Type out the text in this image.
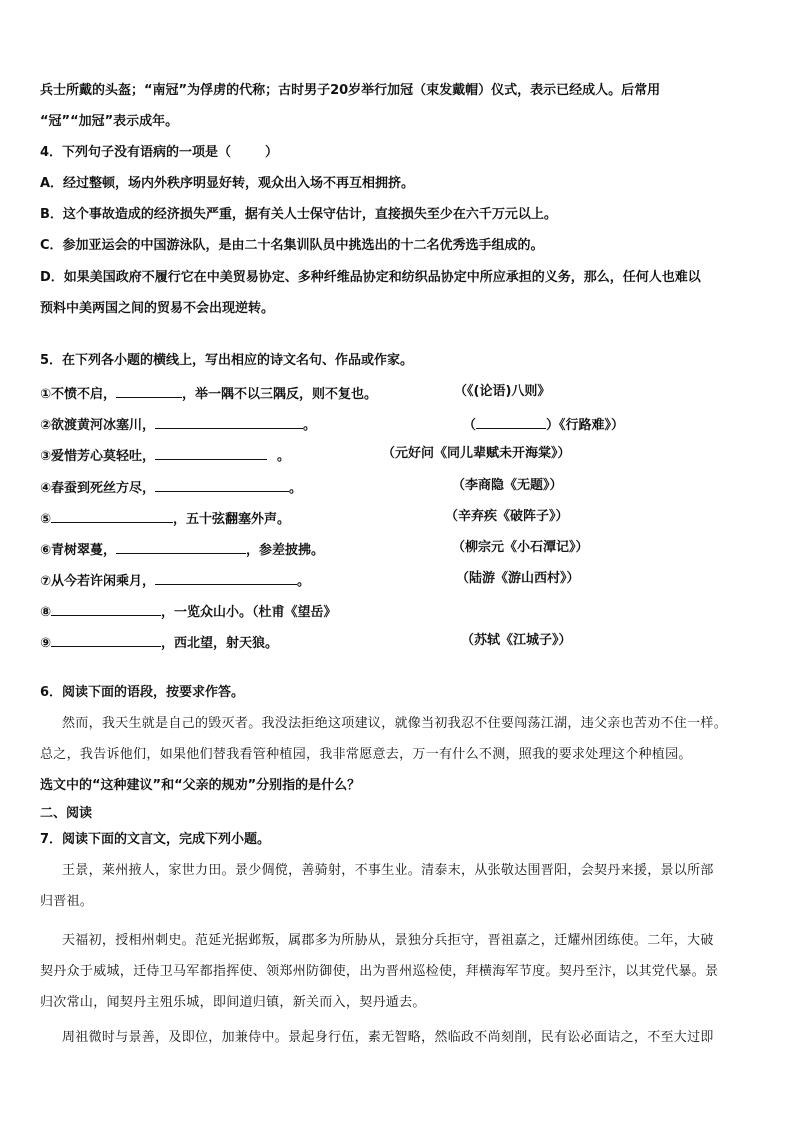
兵士所戴的头盔；“南冠”为俘虏的代称；古时男子20岁举行加冠（束发戴帽）仪式，表示已经成人。后常用
“冠”“加冠”表示成年。
4．下列句子没有语病的一项是（	）
A．经过整顿，场内外秩序明显好转，观众出入场不再互相拥挤。
B．这个事故造成的经济损失严重，据有关人士保守估计，直接损失至少在六千万元以上。
C．参加亚运会的中国游泳队，是由二十名集训队员中挑选出的十二名优秀选手组成的。
D．如果美国政府不履行它在中美贸易协定、多种纤维品协定和纺织品协定中所应承担的义务，那么，任何人也难以
预料中美两国之间的贸易不会出现逆转。
5．在下列各小题的横线上，写出相应的诗文名句、作品或作家。
①不愤不启，	，举一隅不以三隅反，则不复也。	（《(论语)八则》
②欲渡黄河冰塞川，	。	（	）《行路难》）
③爱惜芳心莫轻吐，	。	（元好问《同儿辈赋未开海棠》）
④春蚕到死丝方尽，	。	（李商隐《无题》）
⑤	，五十弦翻塞外声。	（辛弃疾《破阵子》）
⑥青树翠蔓，	，参差披拂。	（柳宗元《小石潭记》）
⑦从今若许闲乘月，	。	（陆游《游山西村》）
⑧	，一览众山小。（杜甫《望岳》
⑨	，西北望，射天狼。	（苏轼《江城子》）
6．阅读下面的语段，按要求作答。
然而，我天生就是自己的毁灭者。我没法拒绝这项建议，就像当初我忍不住要闯荡江湖，违父亲也苦劝不住一样。
总之，我告诉他们，如果他们替我看管种植园，我非常愿意去，万一有什么不测，照我的要求处理这个种植园。
选文中的“这种建议”和“父亲的规劝”分别指的是什么？
二、阅读
7．阅读下面的文言文，完成下列小题。
王景，莱州掖人，家世力田。景少倜傥，善骑射，不事生业。清泰末，从张敬达围晋阳，会契丹来援，景以所部
归晋祖。
天福初，授相州刺史。范延光据邺叛，属郡多为所胁从，景独分兵拒守，晋祖嘉之，迁耀州团练使。二年，大破
契丹众于威城，迁侍卫马军都指挥使、领郑州防御使，出为晋州巡检使，拜横海军节度。契丹至汴，以其党代暴。景
归次常山，闻契丹主殂乐城，即间道归镇，新关而入，契丹遁去。
周祖微时与景善，及即位，加兼侍中。景起身行伍，素无智略，然临政不尚刻削，民有讼必面诘之，不至大过即
